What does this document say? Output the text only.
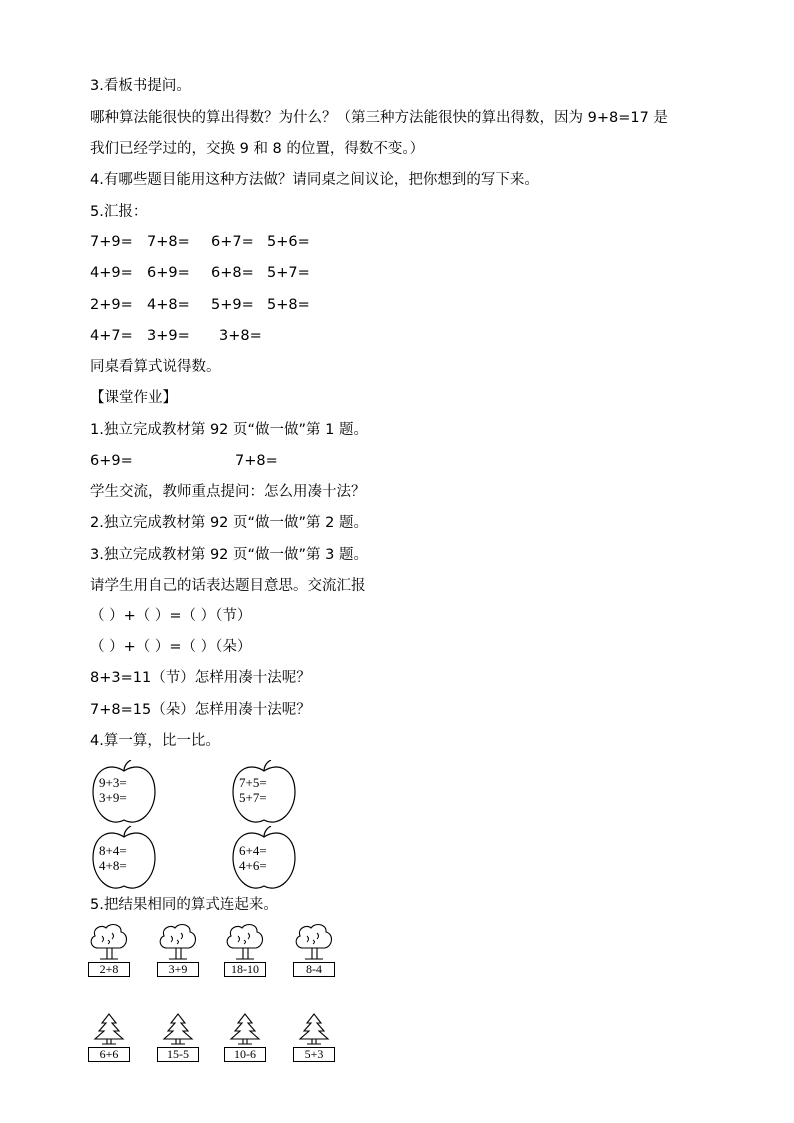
3.看板书提问。
哪种算法能很快的算出得数？为什么？（第三种方法能很快的算出得数，因为 9+8=17 是
我们已经学过的，交换 9 和 8 的位置，得数不变。）
4.有哪些题目能用这种方法做？请同桌之间议论，把你想到的写下来。
5.汇报：
7+9= 7+8= 6+7= 5+6=
4+9= 6+9= 6+8= 5+7=
2+9= 4+8= 5+9= 5+8=
4+7= 3+9= 3+8=
同桌看算式说得数。
【课堂作业】
1.独立完成教材第 92 页“做一做”第 1 题。
6+9=	7+8=
学生交流，教师重点提问：怎么用凑十法？
2.独立完成教材第 92 页“做一做”第 2 题。
3.独立完成教材第 92 页“做一做”第 3 题。
请学生用自己的话表达题目意思。交流汇报
（ ）+（ ）=（ ）（节）
（ ）+（ ）=（ ）（朵）
8+3=11（节）怎样用凑十法呢？
7+8=15（朵）怎样用凑十法呢？
4.算一算，比一比。
9+3=
3+9=
7+5=
5+7=
8+4=
4+8=
6+4=
4+6=
5.把结果相同的算式连起来。
2+8	3+9	18-10	8-4
6+6	15-5	10-6	5+3
